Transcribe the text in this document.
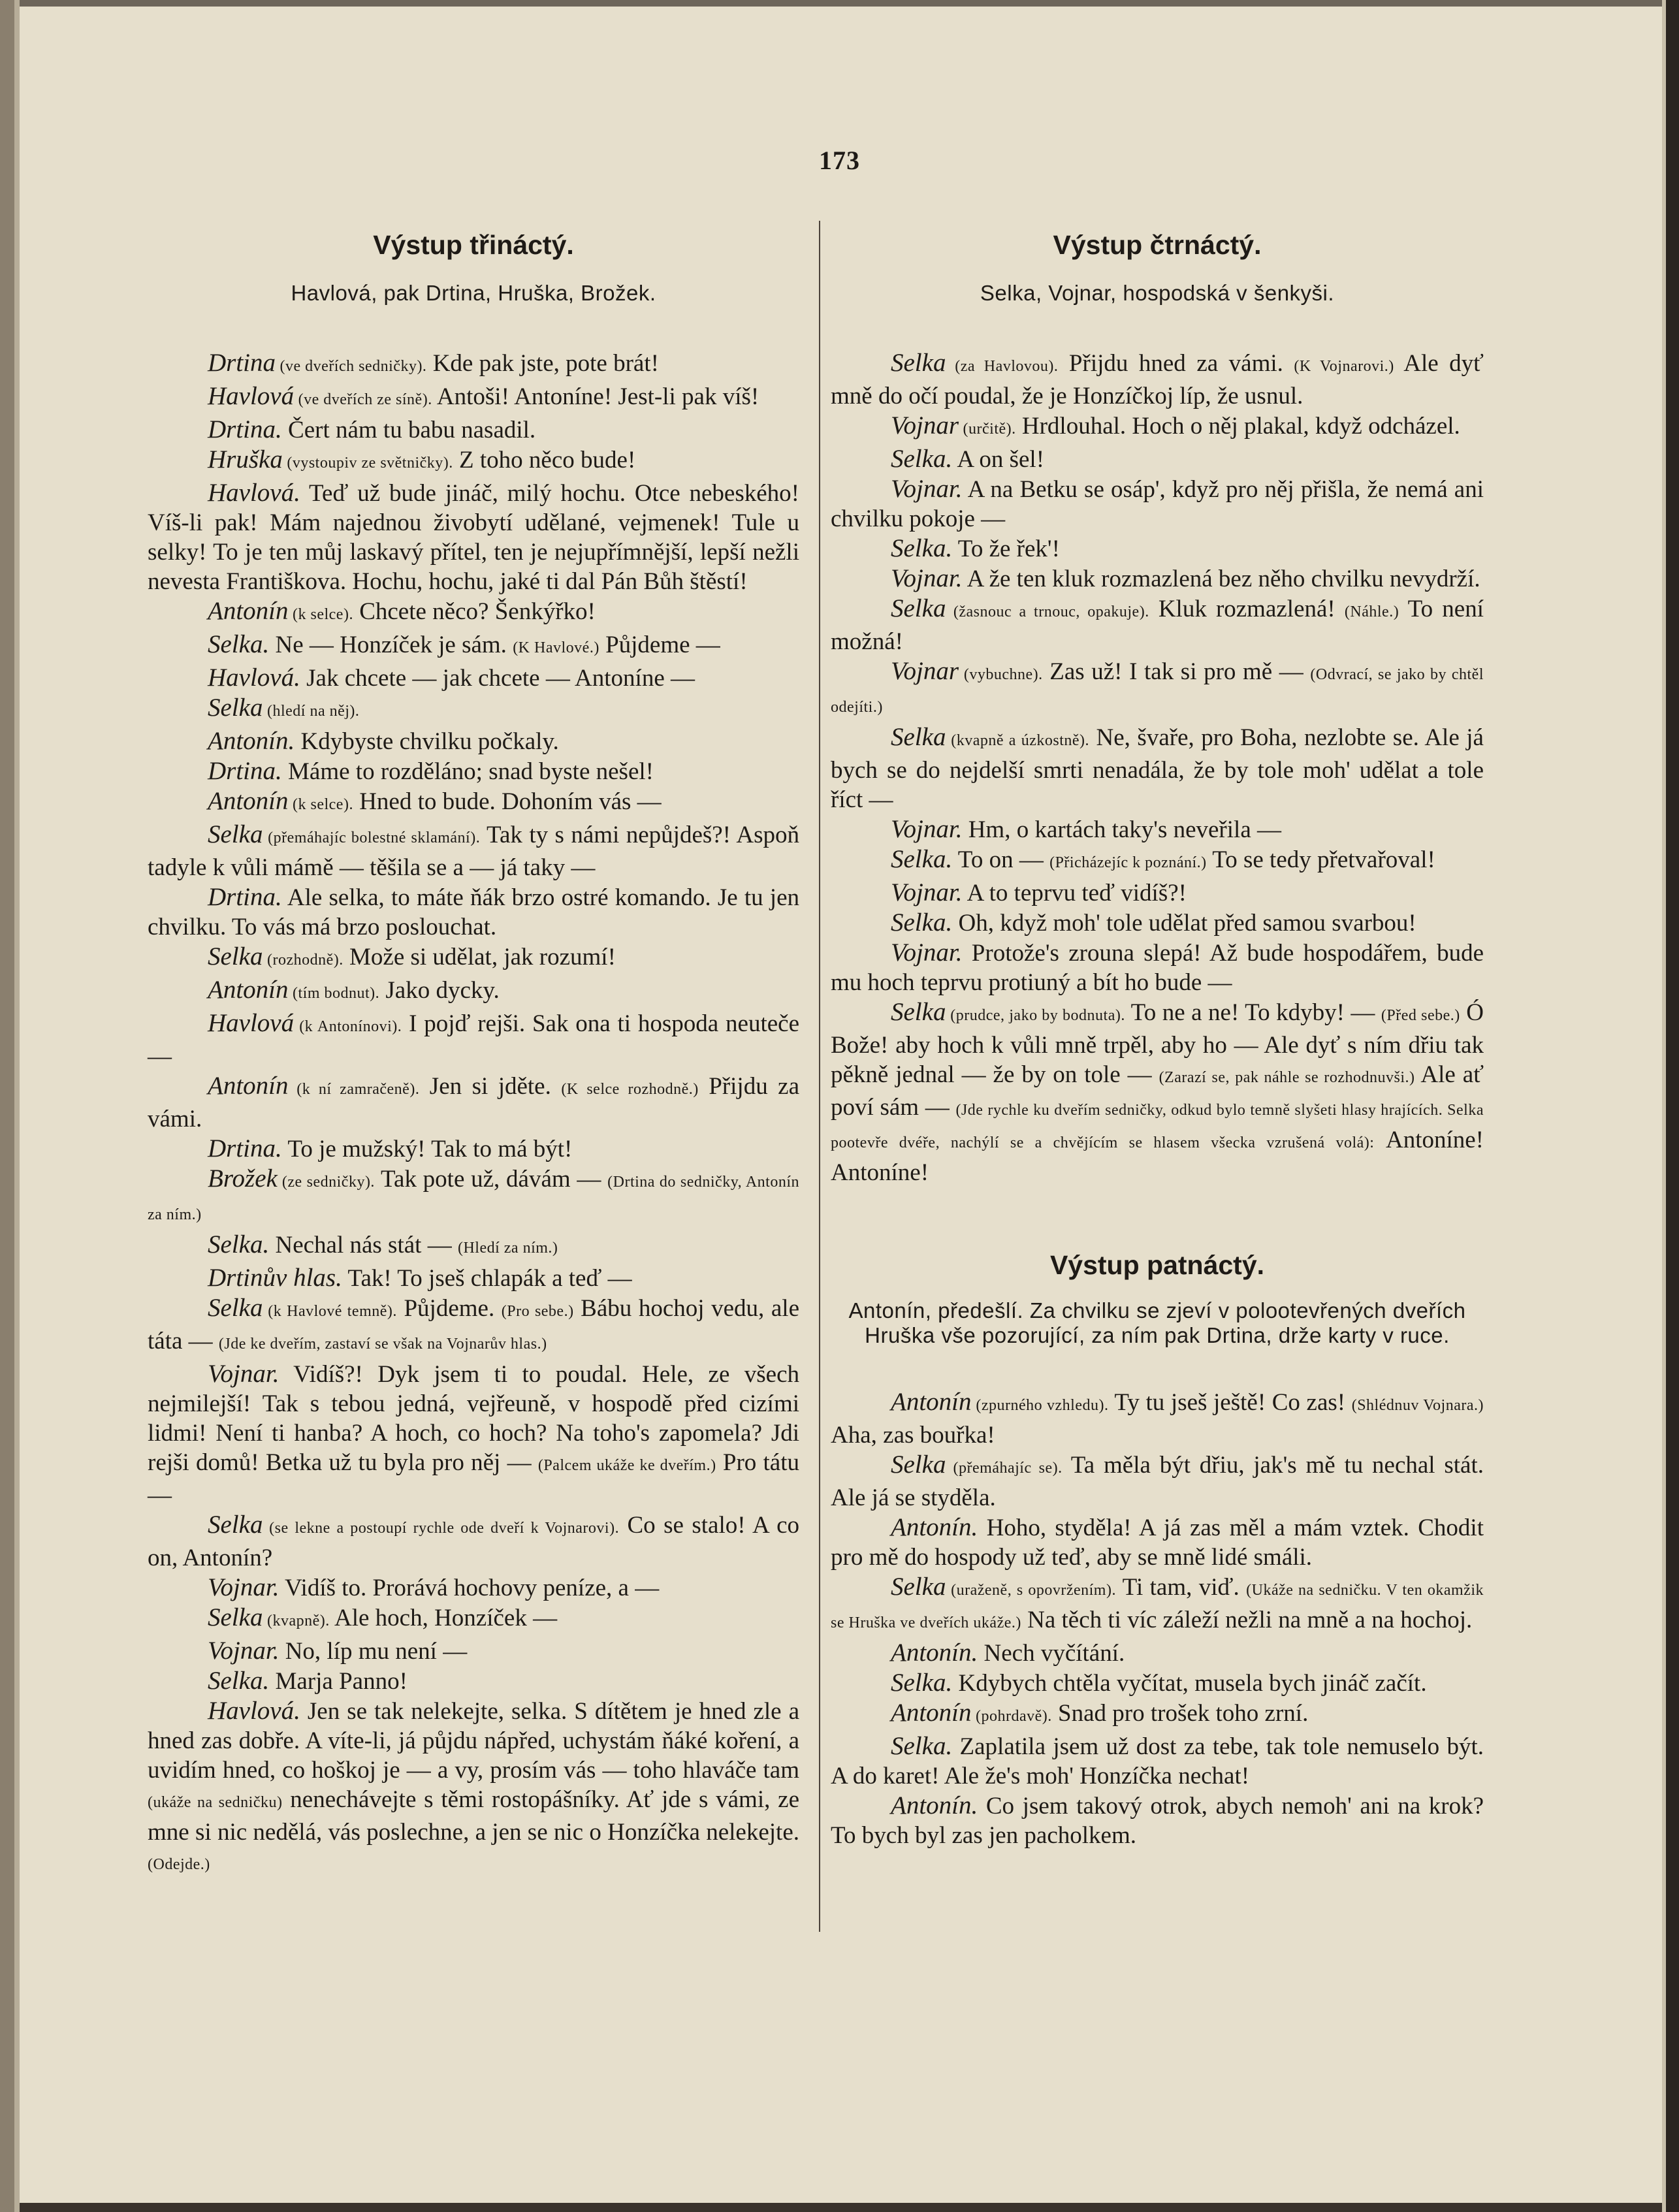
173
Výstup třináctý.
Havlová, pak Drtina, Hruška, Brožek.

Drtina (ve dveřích sedničky). Kde pak jste, pote brát!

Havlová (ve dveřích ze síně). Antoši! Antoníne! Jest-li pak víš!

Drtina. Čert nám tu babu nasadil.

Hruška (vystoupiv ze světničky). Z toho něco bude!

Havlová. Teď už bude jináč, milý hochu. Otce nebeského! Víš-li pak! Mám najednou živobytí udělané, vejmenek! Tule u selky! To je ten můj laskavý přítel, ten je nejupřímnější, lepší nežli nevesta Františkova. Hochu, hochu, jaké ti dal Pán Bůh štěstí!

Antonín (k selce). Chcete něco? Šenkýřko!

Selka. Ne — Honzíček je sám. (K Havlové.) Půjdeme —

Havlová. Jak chcete — jak chcete — Antoníne —

Selka (hledí na něj).

Antonín. Kdybyste chvilku počkaly.

Drtina. Máme to rozděláno; snad byste nešel!

Antonín (k selce). Hned to bude. Dohoním vás —

Selka (přemáhajíc bolestné sklamání). Tak ty s námi nepůjdeš?! Aspoň tadyle k vůli mámě — těšila se a — já taky —

Drtina. Ale selka, to máte ňák brzo ostré komando. Je tu jen chvilku. To vás má brzo poslouchat.

Selka (rozhodně). Može si udělat, jak rozumí!

Antonín (tím bodnut). Jako dycky.

Havlová (k Antonínovi). I pojď rejši. Sak ona ti hospoda neuteče —

Antonín (k ní zamračeně). Jen si jděte. (K selce rozhodně.) Přijdu za vámi.

Drtina. To je mužský! Tak to má být!

Brožek (ze sedničky). Tak pote už, dávám — (Drtina do sedničky, Antonín za ním.)

Selka. Nechal nás stát — (Hledí za ním.)

Drtinův hlas. Tak! To jseš chlapák a teď —

Selka (k Havlové temně). Půjdeme. (Pro sebe.) Bábu hochoj vedu, ale táta — (Jde ke dveřím, zastaví se však na Vojnarův hlas.)

Vojnar. Vidíš?! Dyk jsem ti to poudal. Hele, ze všech nejmilejší! Tak s tebou jedná, vejřeuně, v hospodě před cizími lidmi! Není ti hanba? A hoch, co hoch? Na toho's zapomela? Jdi rejši domů! Betka už tu byla pro něj — (Palcem ukáže ke dveřím.) Pro tátu —

Selka (se lekne a postoupí rychle ode dveří k Vojnarovi). Co se stalo! A co on, Antonín?

Vojnar. Vidíš to. Prorává hochovy peníze, a —

Selka (kvapně). Ale hoch, Honzíček —

Vojnar. No, líp mu není —

Selka. Marja Panno!

Havlová. Jen se tak nelekejte, selka. S dítětem je hned zle a hned zas dobře. A víte-li, já půjdu nápřed, uchystám ňáké koření, a uvidím hned, co hoškoj je — a vy, prosím vás — toho hlaváče tam (ukáže na sedničku) nenechávejte s těmi rostopášníky. Ať jde s vámi, ze mne si nic nedělá, vás poslechne, a jen se nic o Honzíčka nelekejte. (Odejde.)

Výstup čtrnáctý.
Selka, Vojnar, hospodská v šenkyši.

Selka (za Havlovou). Přijdu hned za vámi. (K Vojnarovi.) Ale dyť mně do očí poudal, že je Honzíčkoj líp, že usnul.

Vojnar (určitě). Hrdlouhal. Hoch o něj plakal, když odcházel.

Selka. A on šel!

Vojnar. A na Betku se osáp', když pro něj přišla, že nemá ani chvilku pokoje —

Selka. To že řek'!

Vojnar. A že ten kluk rozmazlená bez něho chvilku nevydrží.

Selka (žasnouc a trnouc, opakuje). Kluk rozmazlená! (Náhle.) To není možná!

Vojnar (vybuchne). Zas už! I tak si pro mě — (Odvrací, se jako by chtěl odejíti.)

Selka (kvapně a úzkostně). Ne, švaře, pro Boha, nezlobte se. Ale já bych se do nejdelší smrti nenadála, že by tole moh' udělat a tole říct —

Vojnar. Hm, o kartách taky's neveřila —

Selka. To on — (Přicházejíc k poznání.) To se tedy přetvařoval!

Vojnar. A to teprvu teď vidíš?!

Selka. Oh, když moh' tole udělat před samou svarbou!

Vojnar. Protože's zrouna slepá! Až bude hospodářem, bude mu hoch teprvu protiuný a bít ho bude —

Selka (prudce, jako by bodnuta). To ne a ne! To kdyby! — (Před sebe.) Ó Bože! aby hoch k vůli mně trpěl, aby ho — Ale dyť s ním dřiu tak pěkně jednal — že by on tole — (Zarazí se, pak náhle se rozhodnuvši.) Ale ať poví sám — (Jde rychle ku dveřím sedničky, odkud bylo temně slyšeti hlasy hrajících. Selka pootevře dvéře, nachýlí se a chvějícím se hlasem všecka vzrušená volá): Antoníne! Antoníne!

Výstup patnáctý.
Antonín, předešlí. Za chvilku se zjeví v polootevřených dveřích Hruška vše pozorující, za ním pak Drtina, drže karty v ruce.

Antonín (zpurného vzhledu). Ty tu jseš ještě! Co zas! (Shlédnuv Vojnara.) Aha, zas bouřka!

Selka (přemáhajíc se). Ta měla být dřiu, jak's mě tu nechal stát. Ale já se styděla.

Antonín. Hoho, styděla! A já zas měl a mám vztek. Chodit pro mě do hospody už teď, aby se mně lidé smáli.

Selka (uraženě, s opovržením). Ti tam, viď. (Ukáže na sedničku. V ten okamžik se Hruška ve dveřích ukáže.) Na těch ti víc záleží nežli na mně a na hochoj.

Antonín. Nech vyčítání.

Selka. Kdybych chtěla vyčítat, musela bych jináč začít.

Antonín (pohrdavě). Snad pro trošek toho zrní.

Selka. Zaplatila jsem už dost za tebe, tak tole nemuselo být. A do karet! Ale že's moh' Honzíčka nechat!

Antonín. Co jsem takový otrok, abych nemoh' ani na krok? To bych byl zas jen pacholkem.
